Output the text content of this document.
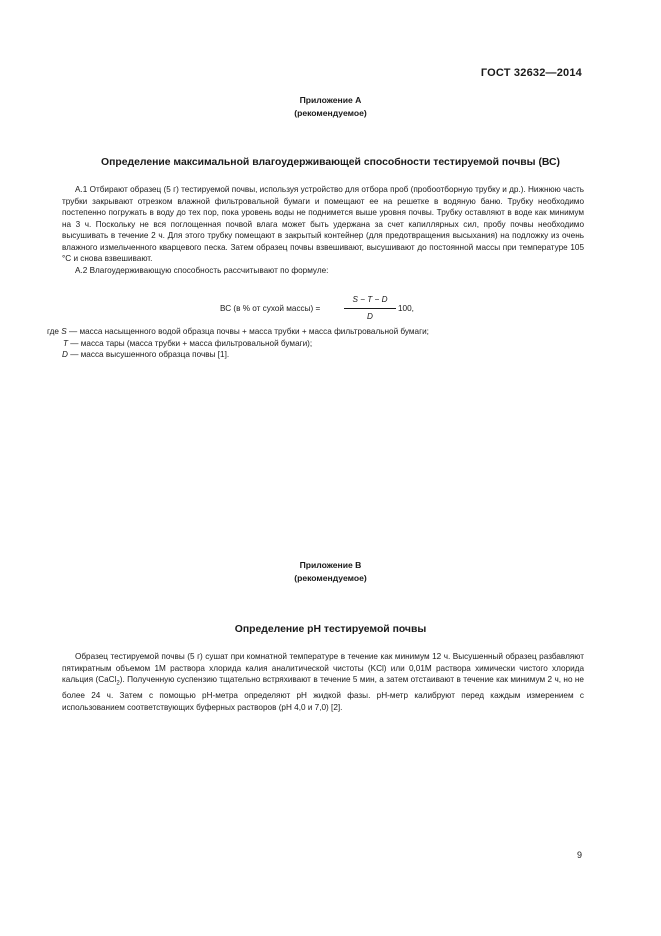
ГОСТ 32632—2014
Приложение А
(рекомендуемое)
Определение максимальной влагоудерживающей способности тестируемой почвы (ВС)

А.1 Отбирают образец (5 г) тестируемой почвы, используя устройство для отбора проб (пробоотборную трубку и др.). Нижнюю часть трубки закрывают отрезком влажной фильтровальной бумаги и помещают ее на решетке в водяную баню. Трубку необходимо постепенно погружать в воду до тех пор, пока уровень воды не поднимется выше уровня почвы. Трубку оставляют в воде как минимум на 3 ч. Поскольку не вся поглощенная почвой влага может быть удержана за счет капиллярных сил, пробу почвы необходимо высушивать в течение 2 ч. Для этого трубку помещают в закрытый контейнер (для предотвращения высыхания) на подложку из очень влажного измельченного кварцевого песка. Затем образец почвы взвешивают, высушивают до постоянной массы при температуре 105 °С и снова взвешивают.

А.2 Влагоудерживающую способность рассчитывают по формуле:

ВС (в % от сухой массы) =
S − T − D
D
100,
где S — масса насыщенного водой образца почвы + масса трубки + масса фильтровальной бумаги;
T — масса тары (масса трубки + масса фильтровальной бумаги);
D — масса высушенного образца почвы [1].
Приложение В
(рекомендуемое)
Определение рН тестируемой почвы

Образец тестируемой почвы (5 г) сушат при комнатной температуре в течение как минимум 12 ч. Высушенный образец разбавляют пятикратным объемом 1М раствора хлорида калия аналитической чистоты (KCl) или 0,01М раствора химически чистого хлорида кальция (CaCl$_2$). Полученную суспензию тщательно встряхивают в течение 5 мин, а затем отстаивают в течение как минимум 2 ч, но не более 24 ч. Затем с помощью рН-метра определяют рН жидкой фазы. рН-метр калибруют перед каждым измерением с использованием соответствующих буферных растворов (рН 4,0 и 7,0) [2].

9
